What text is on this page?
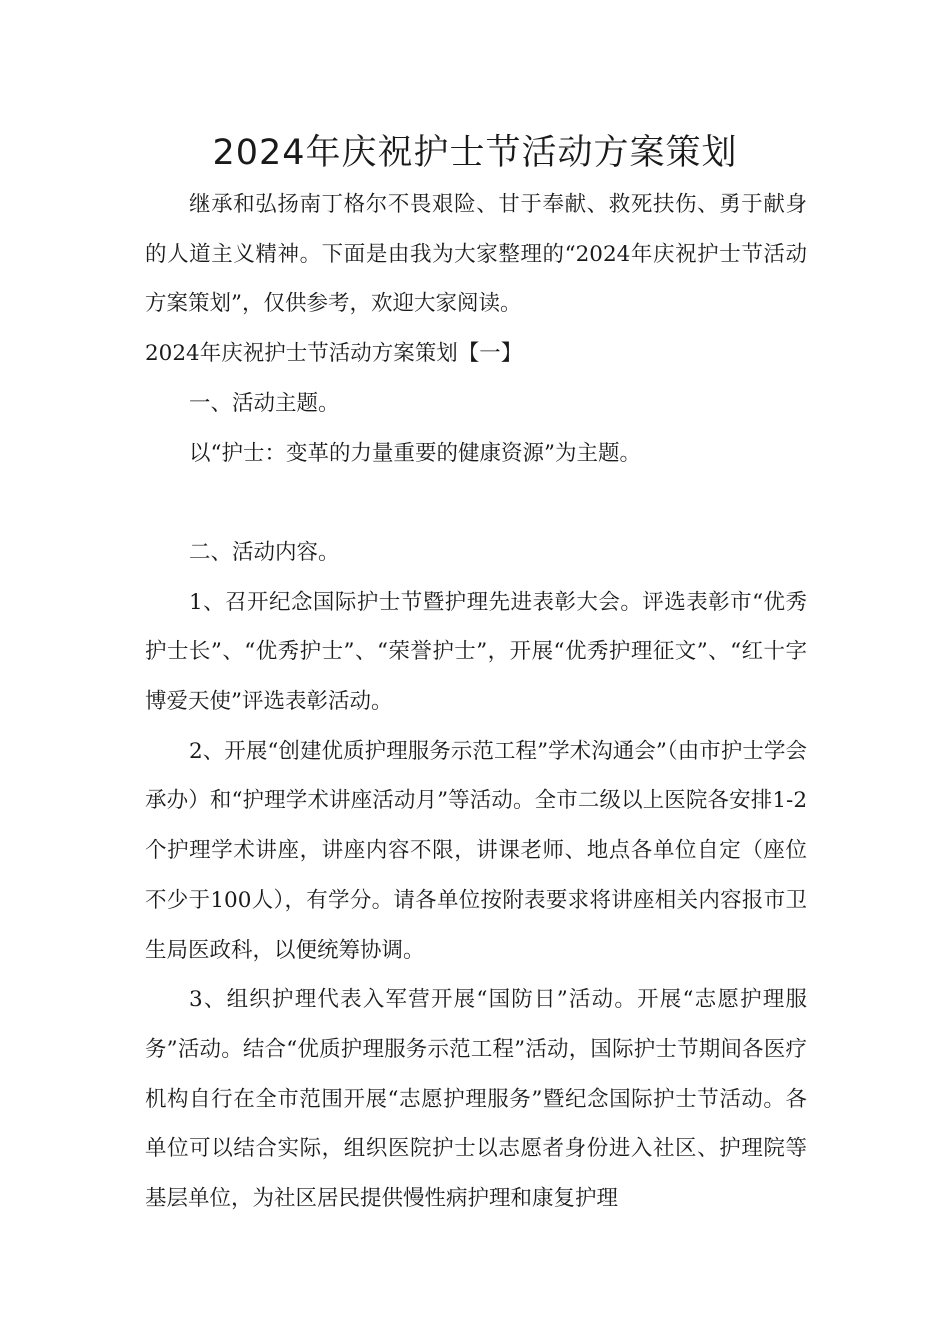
2024年庆祝护士节活动方案策划

继承和弘扬南丁格尔不畏艰险、甘于奉献、救死扶伤、勇于献身的人道主义精神。下面是由我为大家整理的“2024年庆祝护士节活动方案策划”，仅供参考，欢迎大家阅读。

2024年庆祝护士节活动方案策划【一】

一、活动主题。

以“护士：变革的力量重要的健康资源”为主题。

二、活动内容。

1、召开纪念国际护士节暨护理先进表彰大会。评选表彰市“优秀护士长”、“优秀护士”、“荣誉护士”，开展“优秀护理征文”、“红十字博爱天使”评选表彰活动。

2、开展“创建优质护理服务示范工程”学术沟通会”（由市护士学会承办）和“护理学术讲座活动月”等活动。全市二级以上医院各安排1-2个护理学术讲座，讲座内容不限，讲课老师、地点各单位自定（座位不少于100人），有学分。请各单位按附表要求将讲座相关内容报市卫生局医政科，以便统筹协调。

3、组织护理代表入军营开展“国防日”活动。开展“志愿护理服务”活动。结合“优质护理服务示范工程”活动，国际护士节期间各医疗机构自行在全市范围开展“志愿护理服务”暨纪念国际护士节活动。各单位可以结合实际，组织医院护士以志愿者身份进入社区、护理院等基层单位，为社区居民提供慢性病护理和康复护理
